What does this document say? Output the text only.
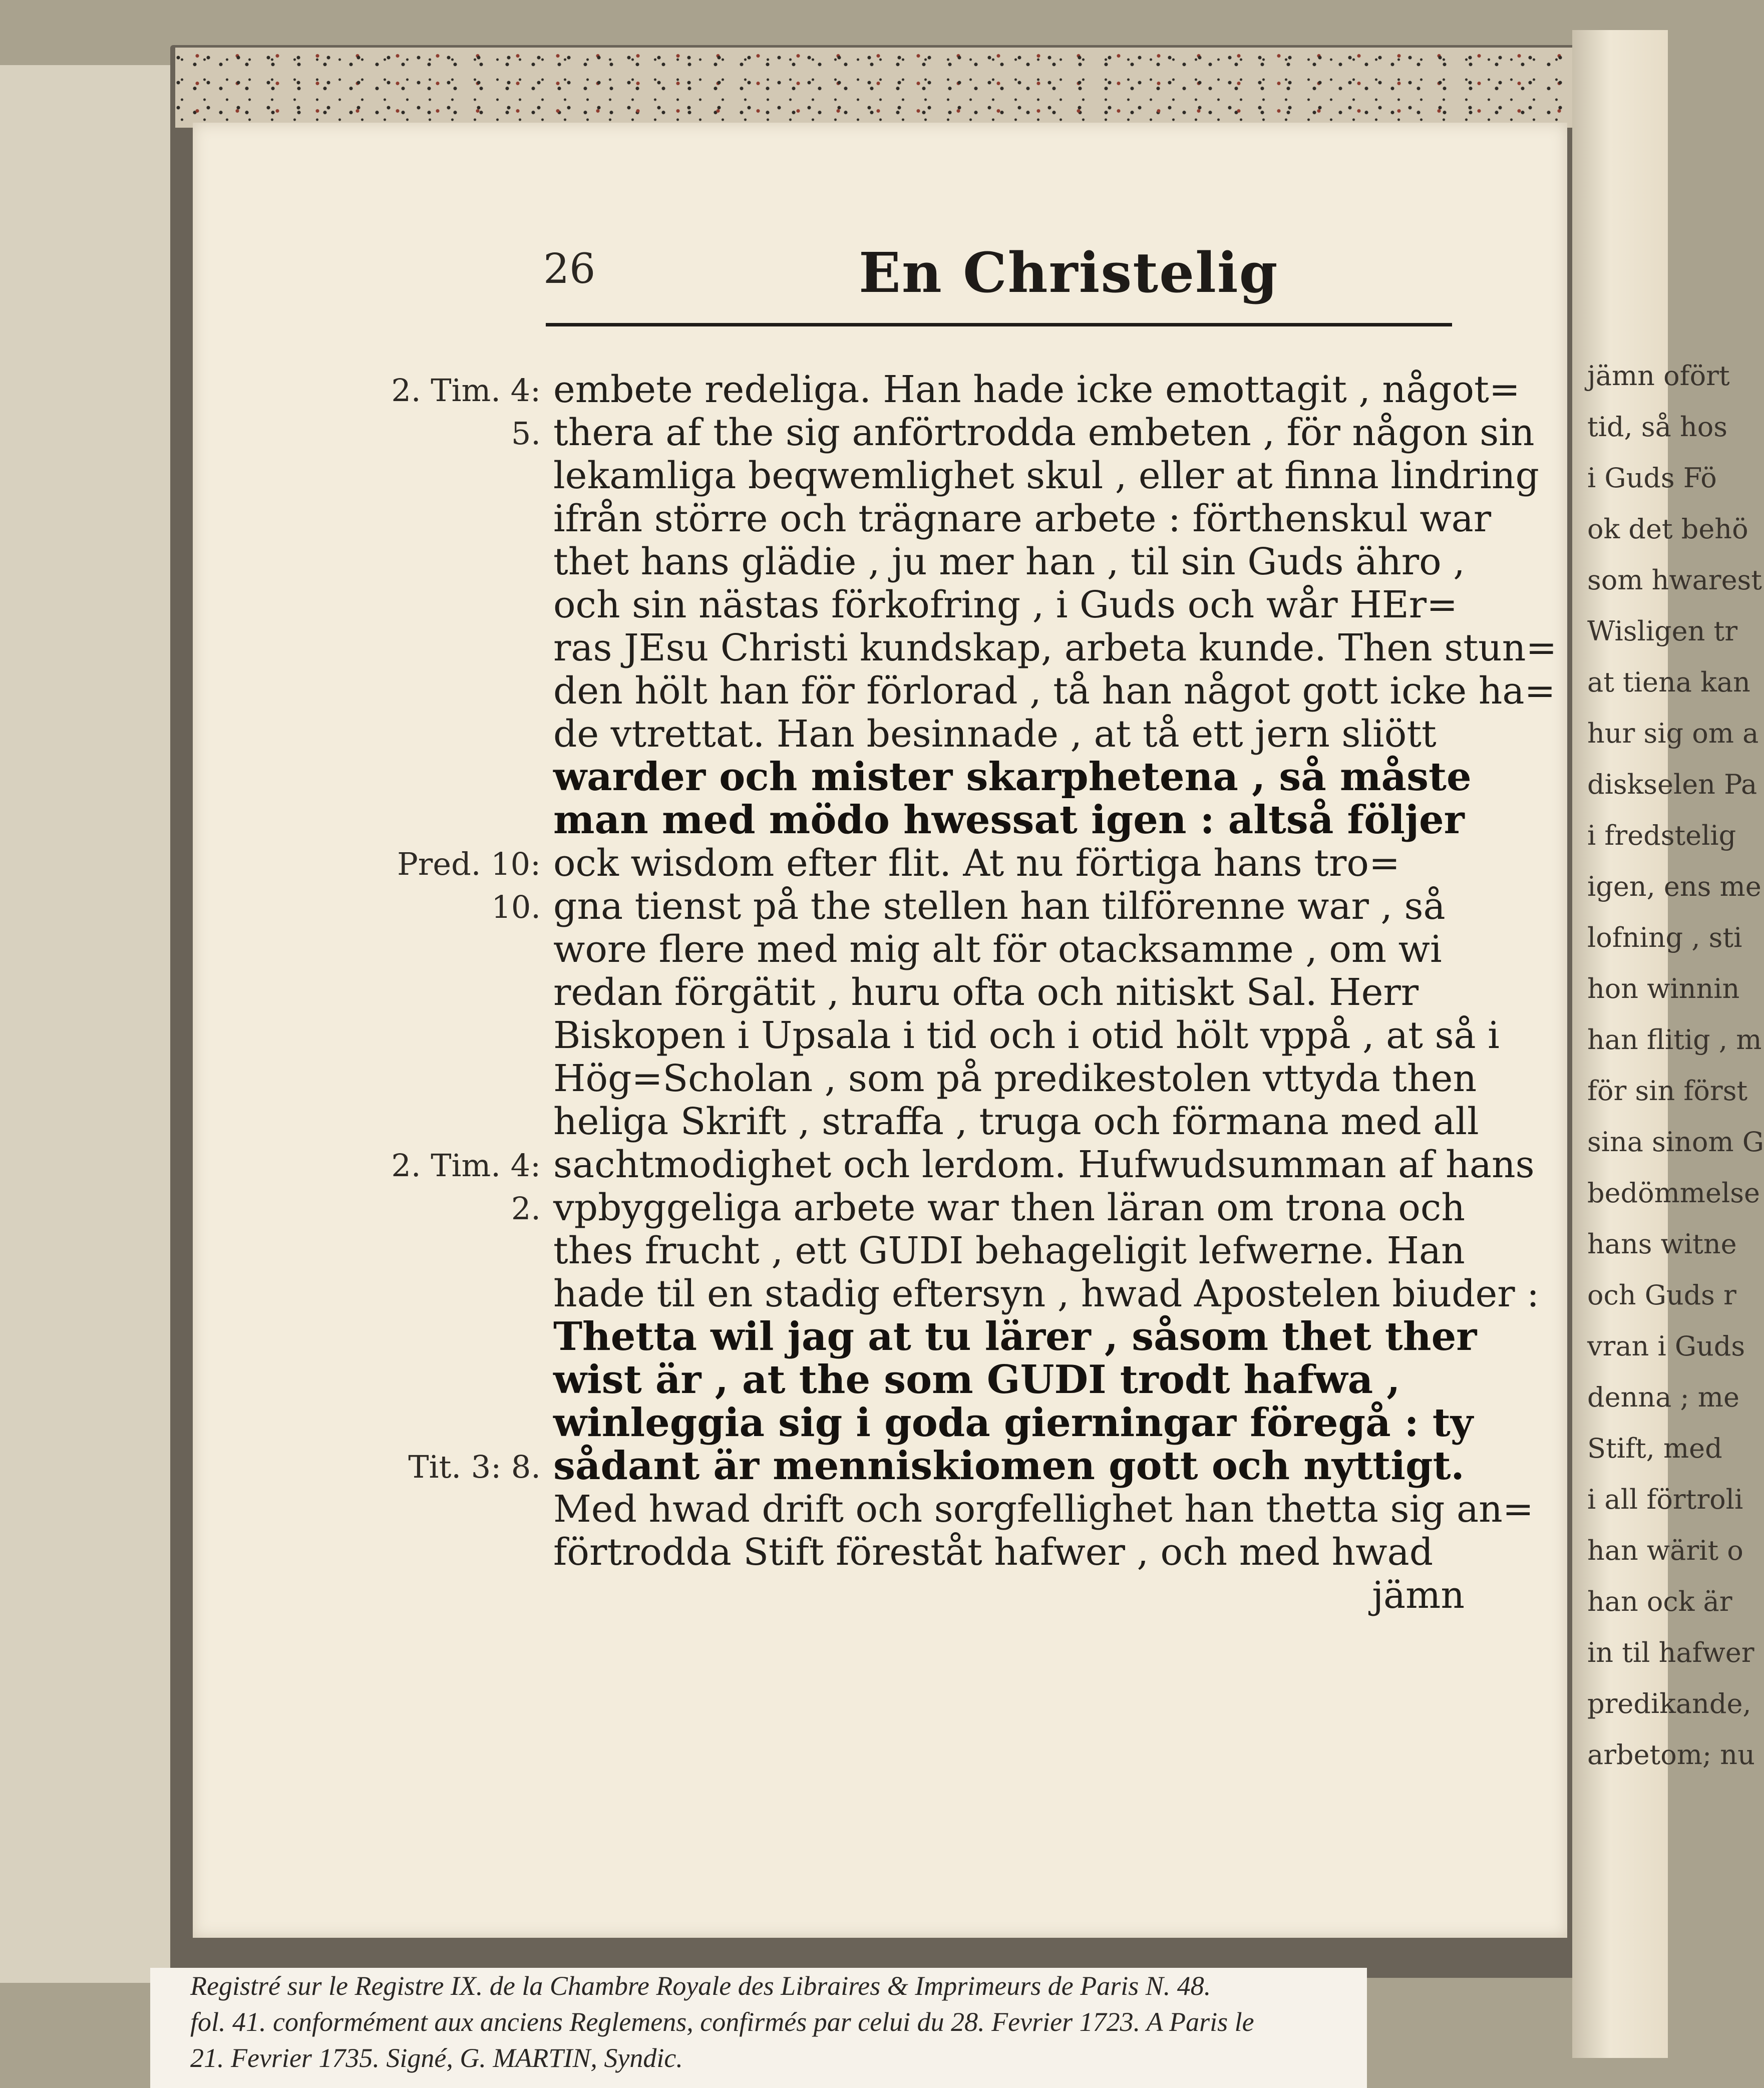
jämn ofört
tid, så hos
i Guds Fö
ok det behö
som hwarest
Wisligen tr
at tiena kan
hur sig om a
diskselen Pa
i fredstelig
igen, ens me
lofning , sti
hon winnin
han flitig , m
för sin först
sina sinom G
bedömmelse
hans witne
och Guds r
vran i Guds
denna ; me
Stift, med
i all förtroli
han wärit o
han ock är
in til hafwer
predikande,
arbetom; nu
26	En Christelig
2. Tim. 4:
5.
Pred. 10:
10.
2. Tim. 4:
2.
Tit. 3: 8.
embete redeliga. Han hade icke emottagit , något=
thera af the sig anförtrodda embeten , för någon sin
lekamliga beqwemlighet skul , eller at finna lindring
ifrån större och trägnare arbete : förthenskul war
thet hans glädie , ju mer han , til sin Guds ähro ,
och sin nästas förkofring , i Guds och wår HEr=
ras JEsu Christi kundskap, arbeta kunde. Then stun=
den hölt han för förlorad , tå han något gott icke ha=
de vtrettat. Han besinnade , at tå ett jern sliött
warder och mister skarphetena , så måste
man med mödo hwessat igen : altså följer
ock wisdom efter flit. At nu förtiga hans tro=
gna tienst på the stellen han tilförenne war , så
wore flere med mig alt för otacksamme , om wi
redan förgätit , huru ofta och nitiskt Sal. Herr
Biskopen i Upsala i tid och i otid hölt vppå , at så i
Hög=Scholan , som på predikestolen vttyda then
heliga Skrift , straffa , truga och förmana med all
sachtmodighet och lerdom. Hufwudsumman af hans
vpbyggeliga arbete war then läran om trona och
thes frucht , ett GUDI behageligit lefwerne. Han
hade til en stadig eftersyn , hwad Apostelen biuder :
Thetta wil jag at tu lärer , såsom thet ther
wist är , at the som GUDI trodt hafwa ,
winleggia sig i goda gierningar föregå : ty
sådant är menniskiomen gott och nyttigt.
Med hwad drift och sorgfellighet han thetta sig an=
förtrodda Stift föreståt hafwer , och med hwad
jämn
Registré sur le Registre IX. de la Chambre Royale des Libraires & Imprimeurs de Paris N. 48.
fol. 41. conformément aux anciens Reglemens, confirmés par celui du 28. Fevrier 1723. A Paris le
21. Fevrier 1735. Signé, G. MARTIN, Syndic.
